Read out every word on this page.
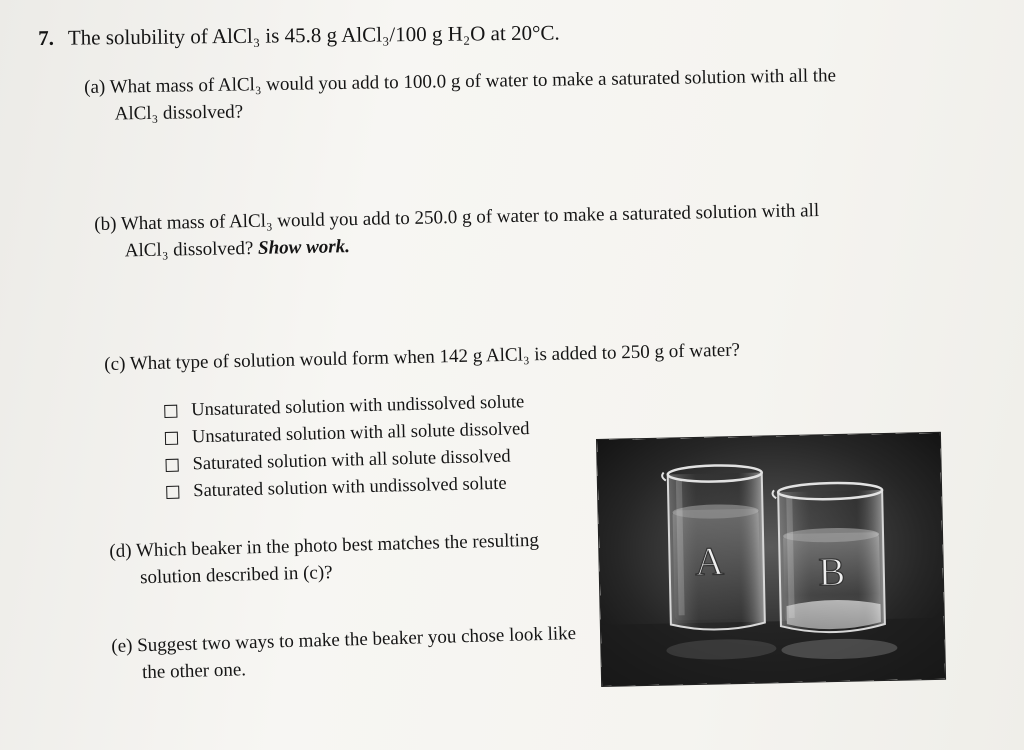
7. The solubility of AlCl₃ is 45.8 g AlCl₃/100 g H₂O at 20°C.
(a) What mass of AlCl₃ would you add to 100.0 g of water to make a saturated solution with all the
AlCl₃ dissolved?
(b) What mass of AlCl₃ would you add to 250.0 g of water to make a saturated solution with all
AlCl₃ dissolved? Show work.
(c) What type of solution would form when 142 g AlCl₃ is added to 250 g of water?
Unsaturated solution with undissolved solute
Unsaturated solution with all solute dissolved
Saturated solution with all solute dissolved
Saturated solution with undissolved solute
(d) Which beaker in the photo best matches the resulting
solution described in (c)?
(e) Suggest two ways to make the beaker you chose look like
the other one.
A B
